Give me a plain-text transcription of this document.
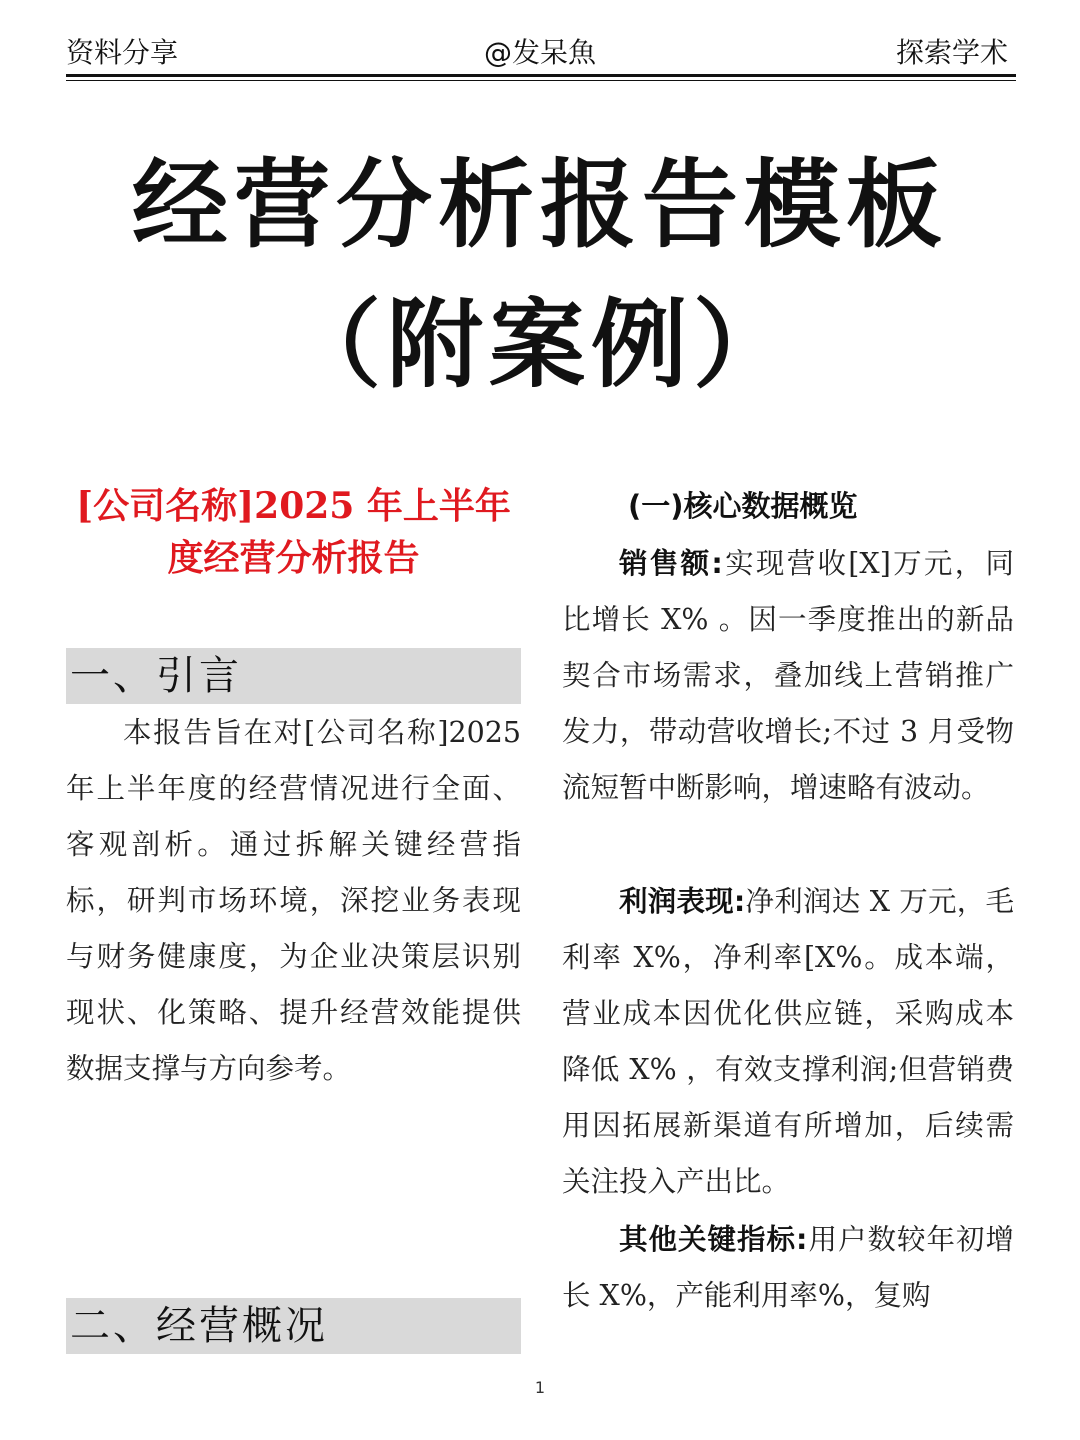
资料分享	@发呆魚	探索学术
经营分析报告模板
（附案例）
[公司名称]2025 年上半年度经营分析报告
一、引言

本报告旨在对[公司名称]2025 年上半年度的经营情况进行全面、客观剖析。通过拆解关键经营指标，研判市场环境，深挖业务表现与财务健康度，为企业决策层识别现状、化策略、提升经营效能提供数据支撑与方向参考。

二、经营概况
(一)核心数据概览

销售额:实现营收[X]万元，同比增长 X% 。因一季度推出的新品契合市场需求，叠加线上营销推广发力，带动营收增长;不过 3 月受物流短暂中断影响，增速略有波动。

利润表现:净利润达 X 万元，毛利率 X%，净利率[X%。成本端，营业成本因优化供应链，采购成本降低 X% ，有效支撑利润;但营销费用因拓展新渠道有所增加，后续需关注投入产出比。

其他关键指标:用户数较年初增长 X%，产能利用率%，复购

1
